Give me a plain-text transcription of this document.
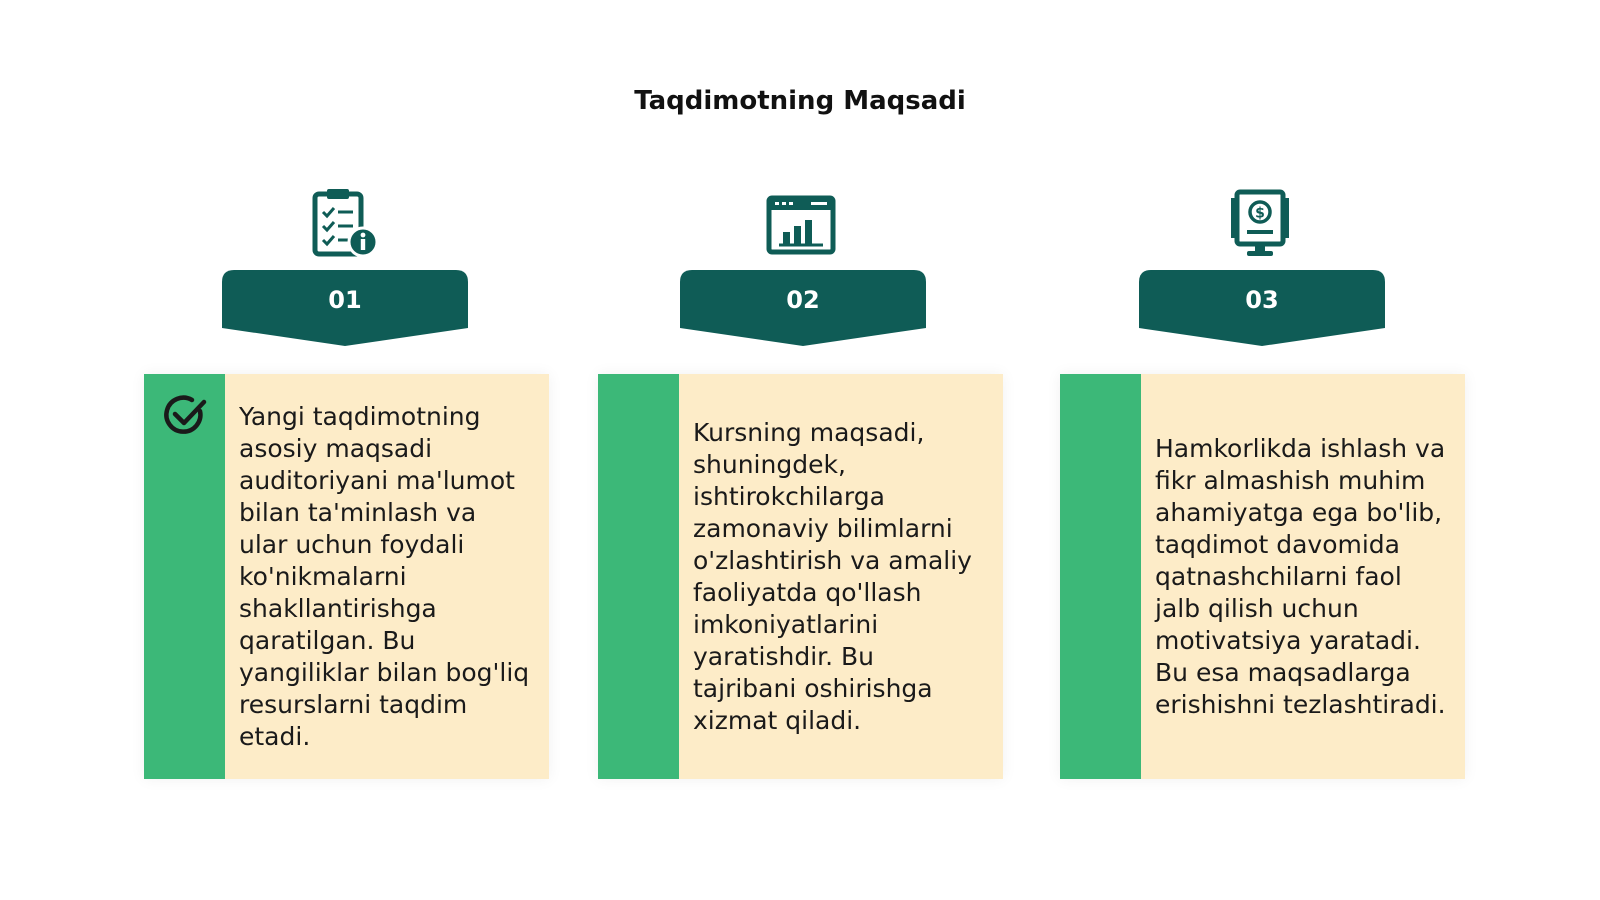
Taqdimotning Maqsadi
01
Yangi taqdimotning asosiy maqsadi auditoriyani ma'lumot bilan ta'minlash va ular uchun foydali ko'nikmalarni shakllantirishga qaratilgan. Bu yangiliklar bilan bog'liq resurslarni taqdim etadi.
02
Kursning maqsadi, shuningdek, ishtirokchilarga zamonaviy bilimlarni o'zlashtirish va amaliy faoliyatda qo'llash imkoniyatlarini yaratishdir. Bu tajribani oshirishga xizmat qiladi.
$
03
Hamkorlikda ishlash va fikr almashish muhim ahamiyatga ega bo'lib, taqdimot davomida qatnashchilarni faol jalb qilish uchun motivatsiya yaratadi. Bu esa maqsadlarga erishishni tezlashtiradi.
